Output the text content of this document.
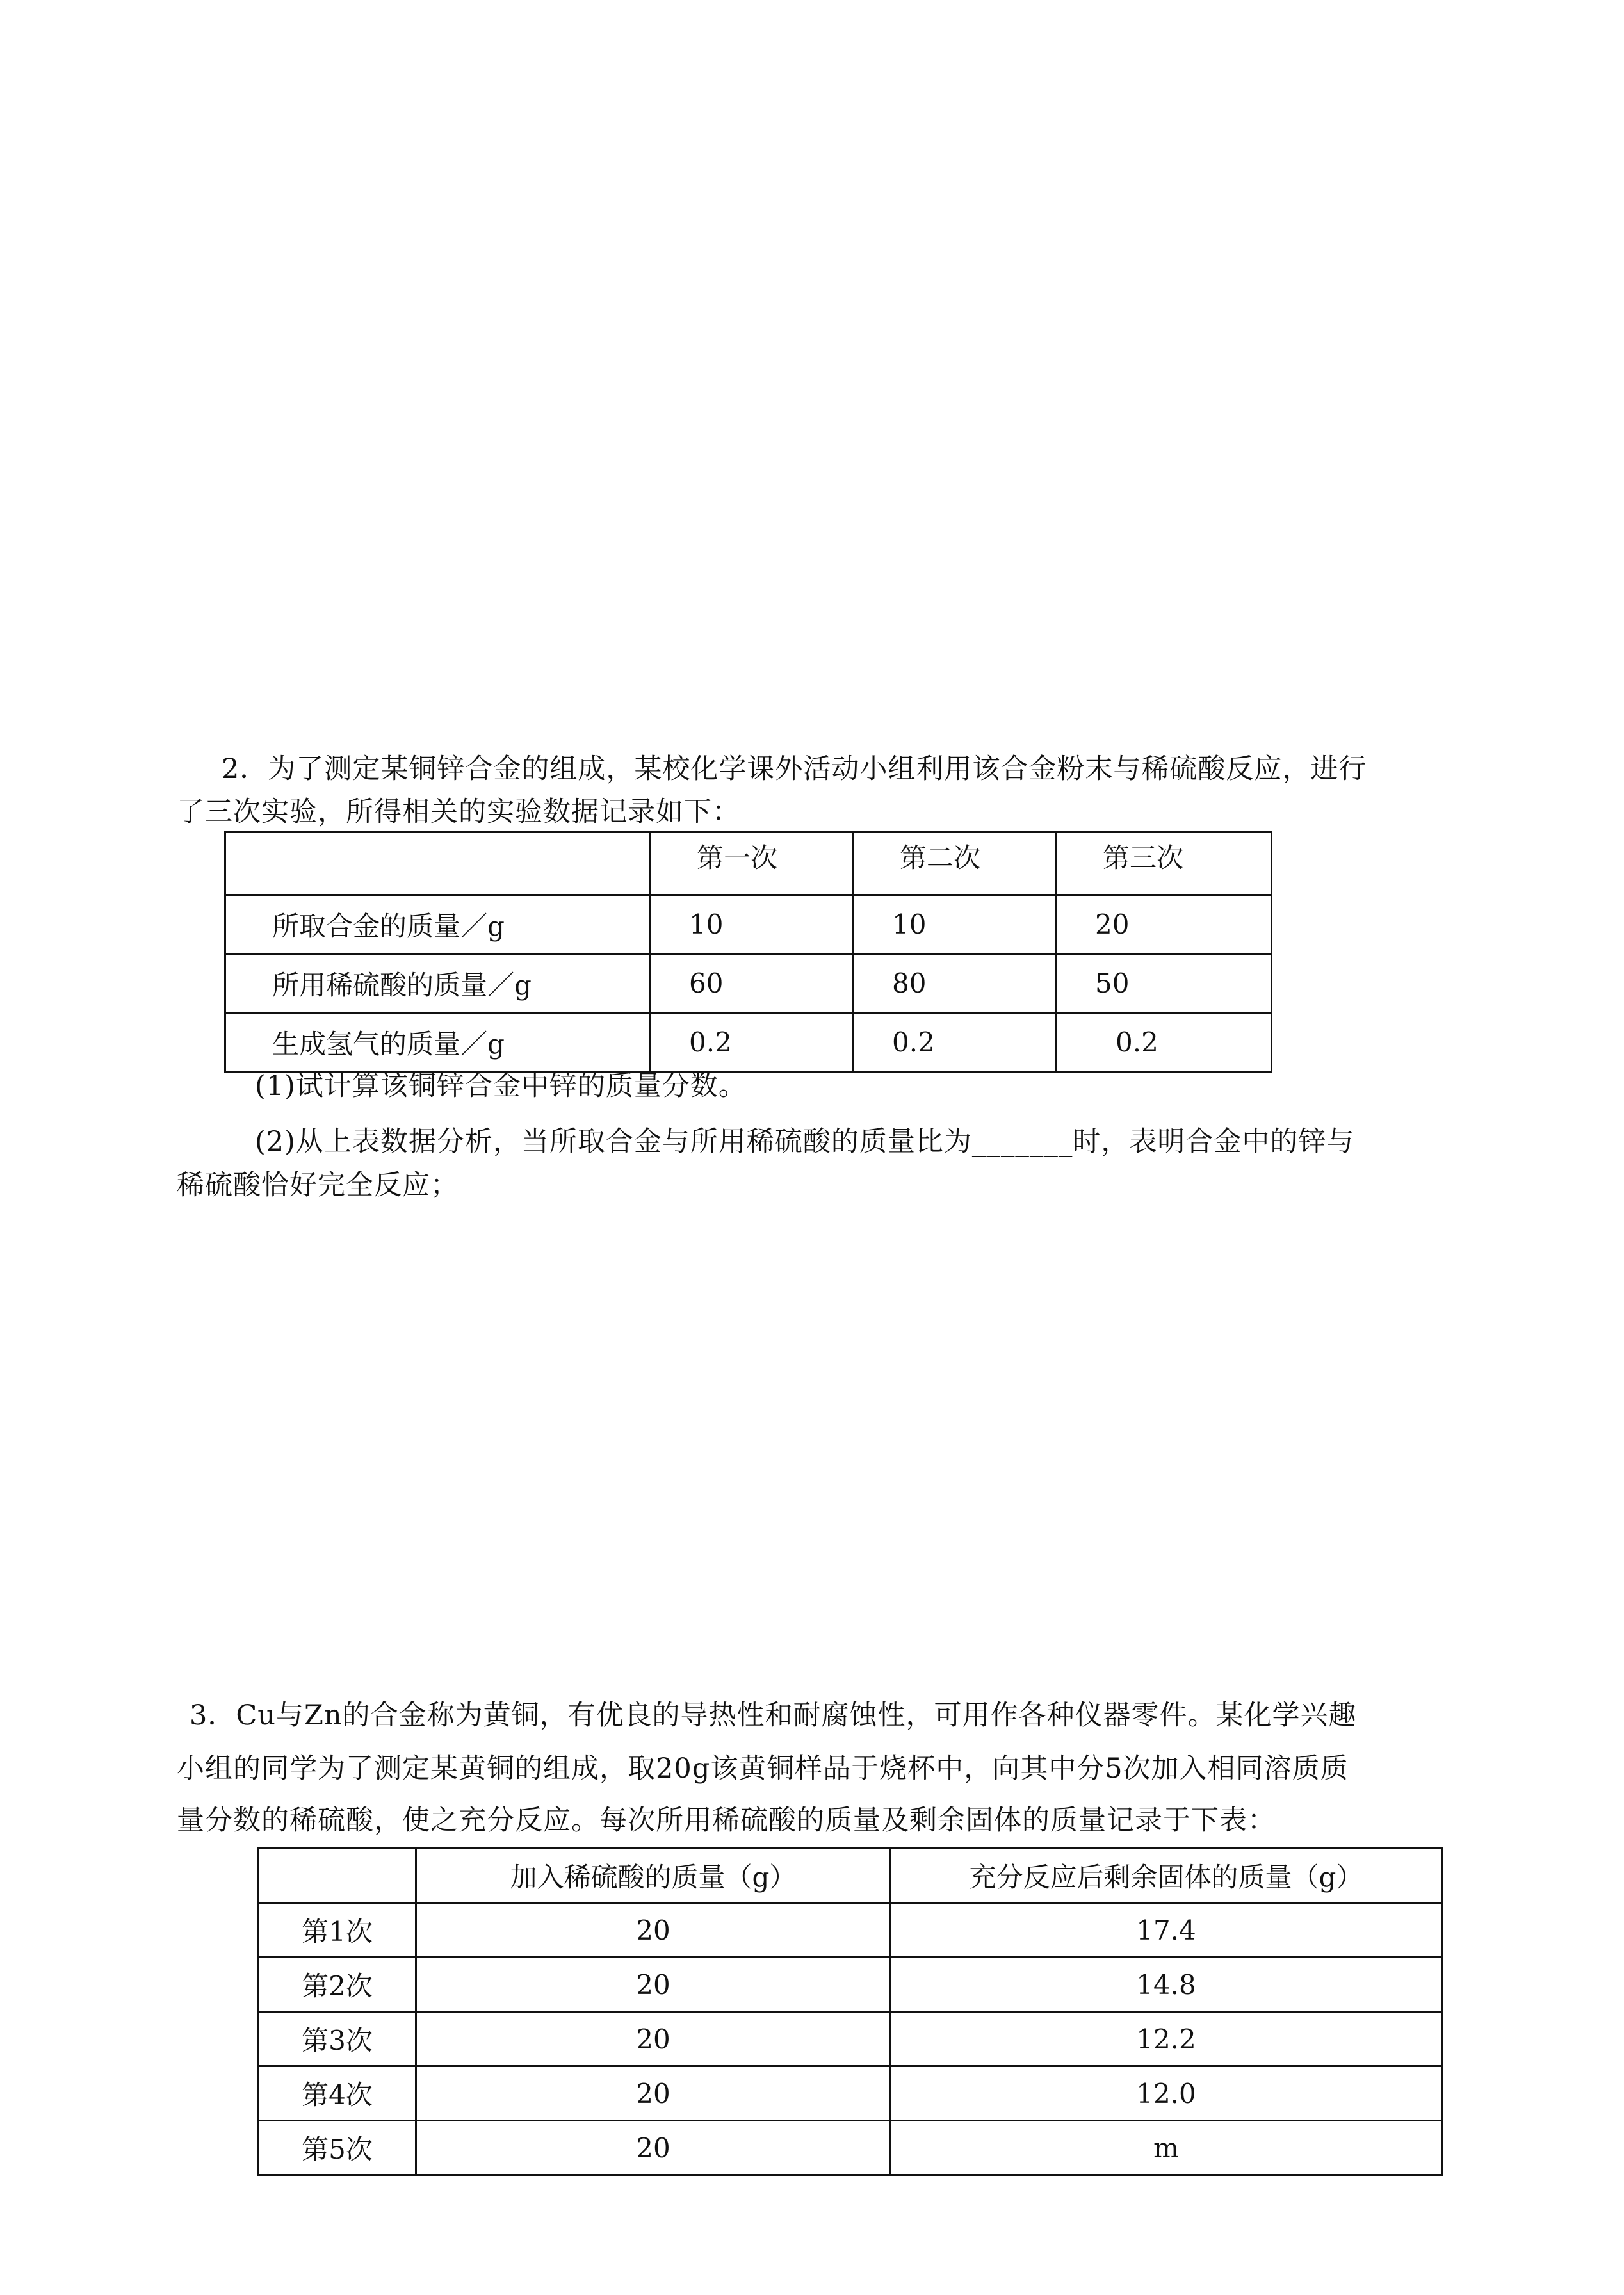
2．为了测定某铜锌合金的组成，某校化学课外活动小组利用该合金粉末与稀硫酸反应，进行
了三次实验，所得相关的实验数据记录如下：
	第一次	第二次	第三次
所取合金的质量／g	10	10	20
所用稀硫酸的质量／g	60	80	50
生成氢气的质量／g	0.2	0.2	0.2
(1)试计算该铜锌合金中锌的质量分数。
(2)从上表数据分析，当所取合金与所用稀硫酸的质量比为_______时，表明合金中的锌与
稀硫酸恰好完全反应；
3．Cu与Zn的合金称为黄铜，有优良的导热性和耐腐蚀性，可用作各种仪器零件。某化学兴趣
小组的同学为了测定某黄铜的组成，取20g该黄铜样品于烧杯中，向其中分5次加入相同溶质质
量分数的稀硫酸，使之充分反应。每次所用稀硫酸的质量及剩余固体的质量记录于下表：
	加入稀硫酸的质量（g）	充分反应后剩余固体的质量（g）
第1次	20	17.4
第2次	20	14.8
第3次	20	12.2
第4次	20	12.0
第5次	20	m
